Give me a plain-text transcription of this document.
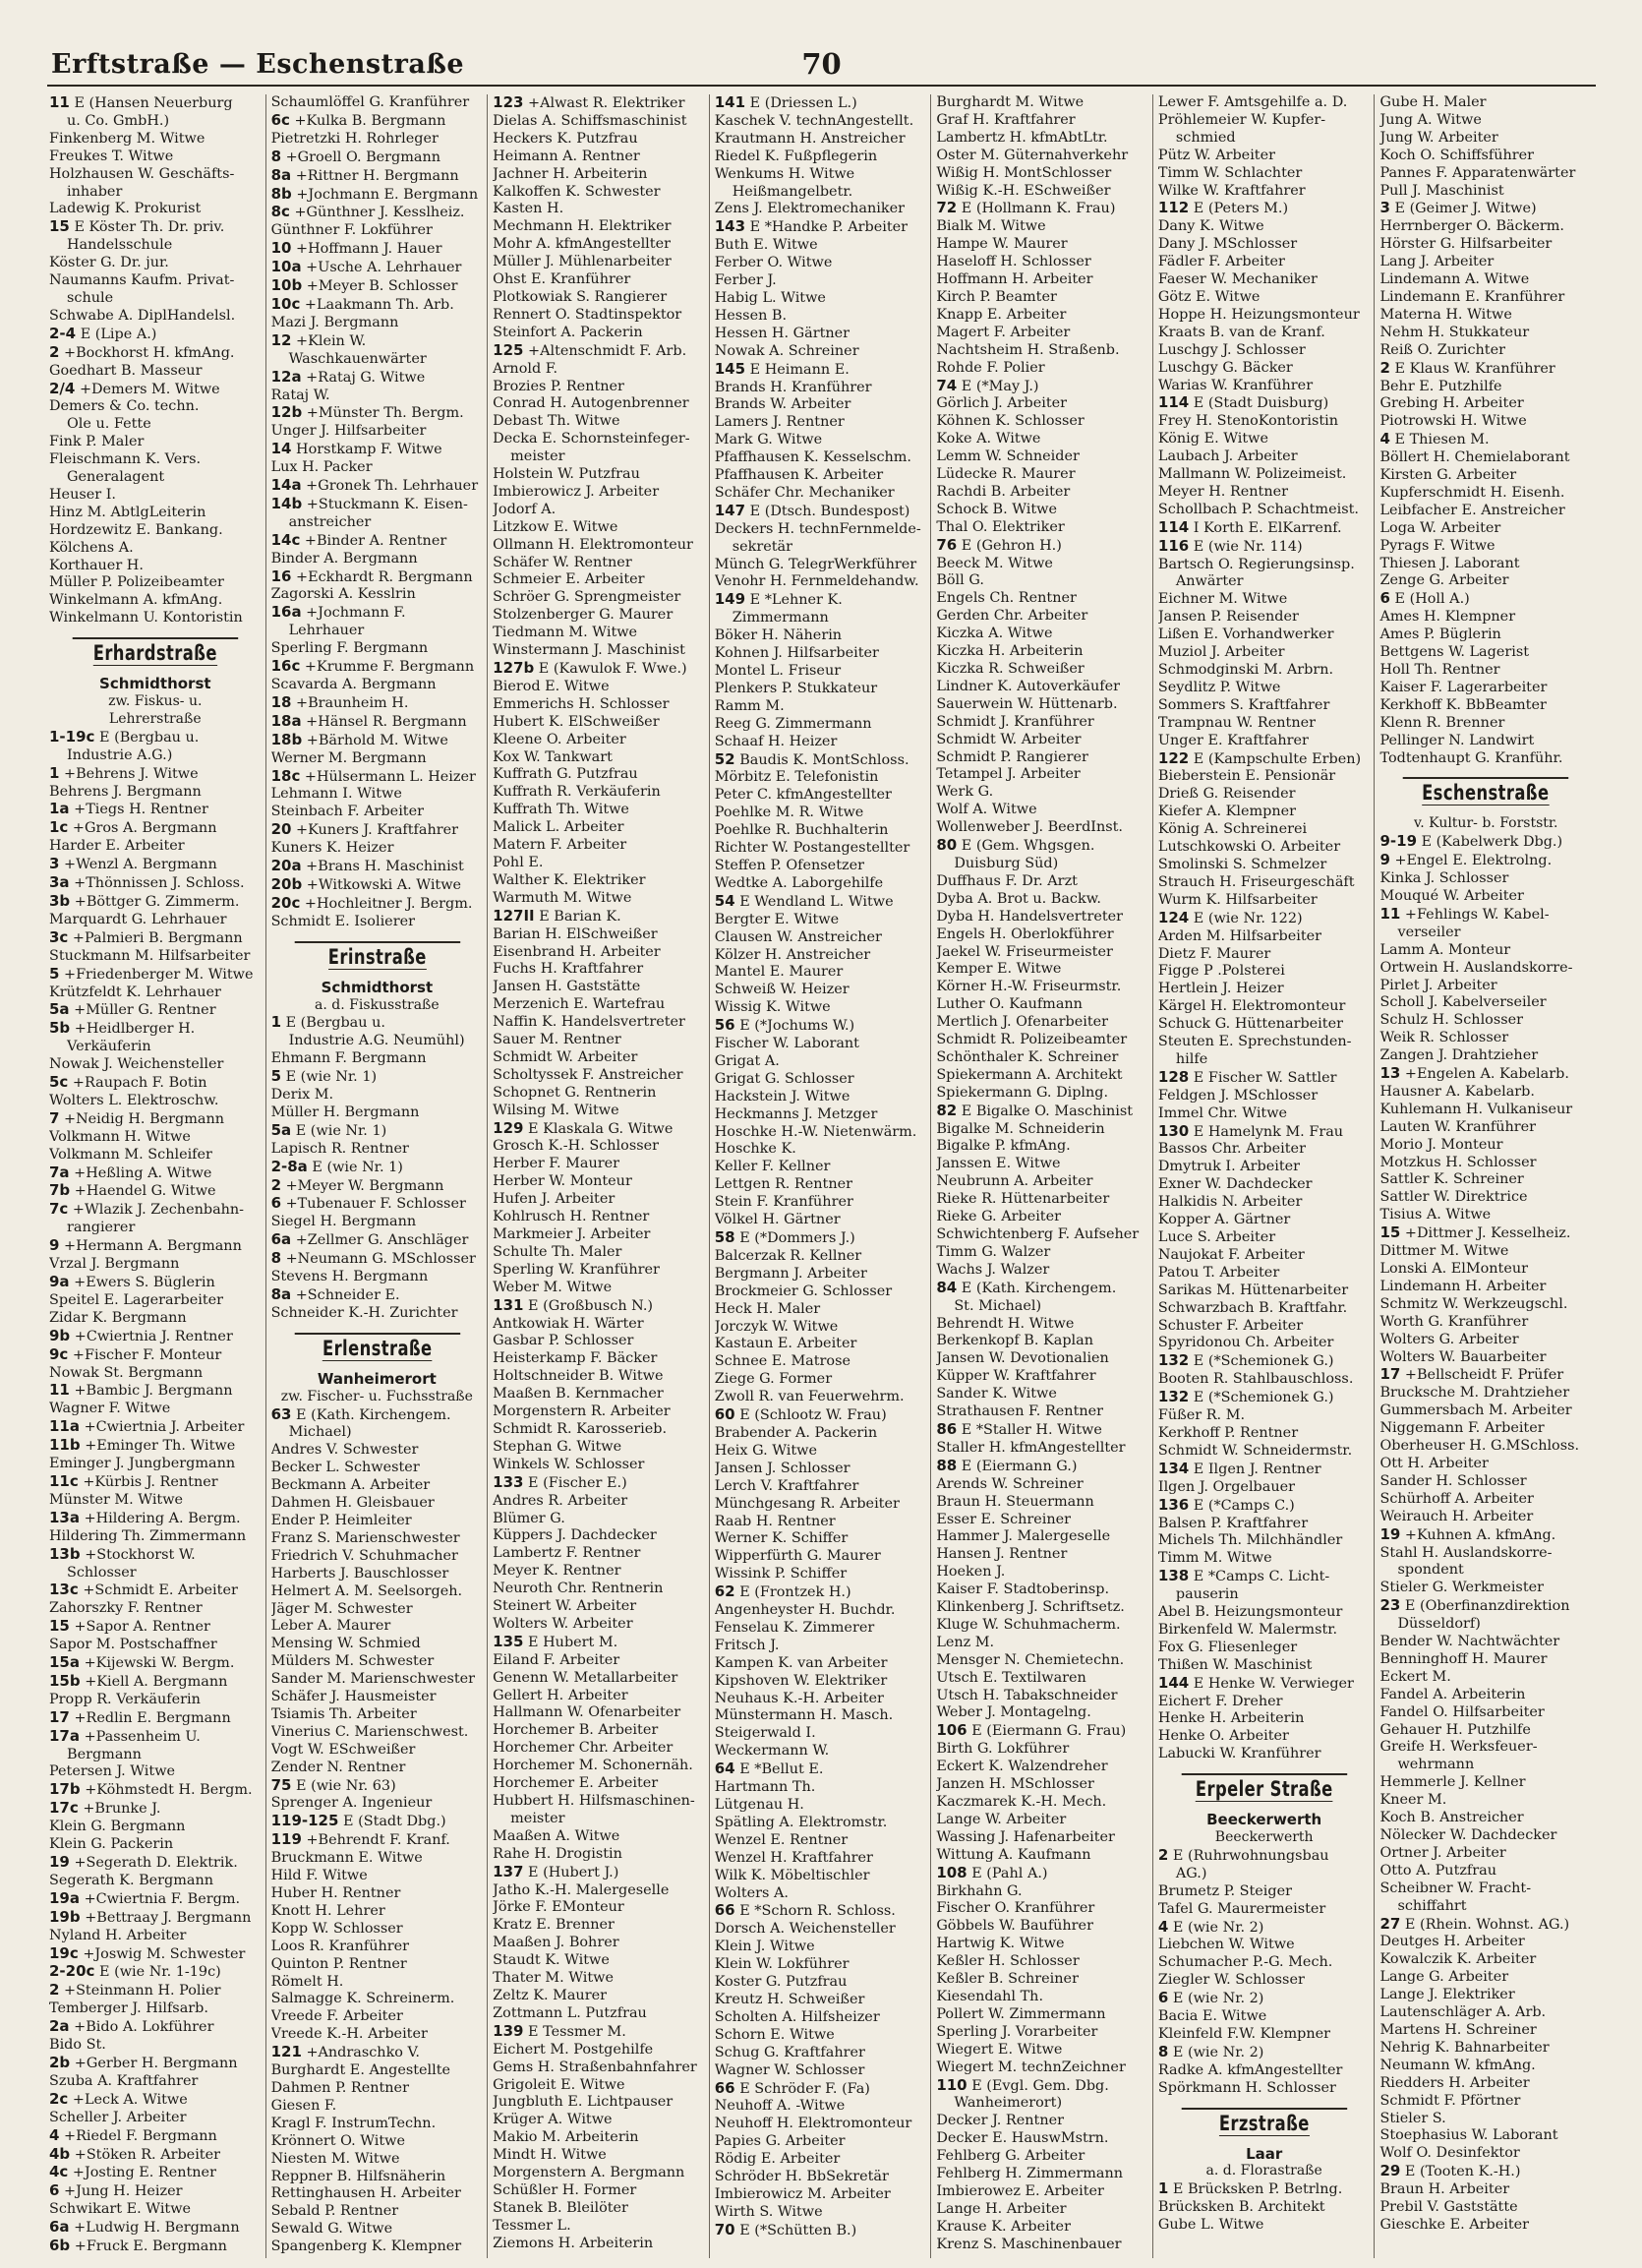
Erftstraße — Eschenstraße	70
11 E (Hansen Neuerburg
u. Co. GmbH.)
Finkenberg M. Witwe
Freukes T. Witwe
Holzhausen W. Geschäfts-
inhaber
Ladewig K. Prokurist
15 E Köster Th. Dr. priv.
Handelsschule
Köster G. Dr. jur.
Naumanns Kaufm. Privat-
schule
Schwabe A. DiplHandelsl.
2-4 E (Lipe A.)
2 +Bockhorst H. kfmAng.
Goedhart B. Masseur
2/4 +Demers M. Witwe
Demers & Co. techn.
Ole u. Fette
Fink P. Maler
Fleischmann K. Vers.
Generalagent
Heuser I.
Hinz M. AbtlgLeiterin
Hordzewitz E. Bankang.
Kölchens A.
Korthauer H.
Müller P. Polizeibeamter
Winkelmann A. kfmAng.
Winkelmann U. Kontoristin
Erhardstraße
Schmidthorst
zw. Fiskus- u.
Lehrerstraße
1-19c E (Bergbau u.
Industrie A.G.)
1 +Behrens J. Witwe
Behrens J. Bergmann
1a +Tiegs H. Rentner
1c +Gros A. Bergmann
Harder E. Arbeiter
3 +Wenzl A. Bergmann
3a +Thönnissen J. Schloss.
3b +Böttger G. Zimmerm.
Marquardt G. Lehrhauer
3c +Palmieri B. Bergmann
Stuckmann M. Hilfsarbeiter
5 +Friedenberger M. Witwe
Krützfeldt K. Lehrhauer
5a +Müller G. Rentner
5b +Heidlberger H.
Verkäuferin
Nowak J. Weichensteller
5c +Raupach F. Botin
Wolters L. Elektroschw.
7 +Neidig H. Bergmann
Volkmann H. Witwe
Volkmann M. Schleifer
7a +Heßling A. Witwe
7b +Haendel G. Witwe
7c +Wlazik J. Zechenbahn-
rangierer
9 +Hermann A. Bergmann
Vrzal J. Bergmann
9a +Ewers S. Büglerin
Speitel E. Lagerarbeiter
Zidar K. Bergmann
9b +Cwiertnia J. Rentner
9c +Fischer F. Monteur
Nowak St. Bergmann
11 +Bambic J. Bergmann
Wagner F. Witwe
11a +Cwiertnia J. Arbeiter
11b +Eminger Th. Witwe
Eminger J. Jungbergmann
11c +Kürbis J. Rentner
Münster M. Witwe
13a +Hildering A. Bergm.
Hildering Th. Zimmermann
13b +Stockhorst W.
Schlosser
13c +Schmidt E. Arbeiter
Zahorszky F. Rentner
15 +Sapor A. Rentner
Sapor M. Postschaffner
15a +Kijewski W. Bergm.
15b +Kiell A. Bergmann
Propp R. Verkäuferin
17 +Redlin E. Bergmann
17a +Passenheim U.
Bergmann
Petersen J. Witwe
17b +Köhmstedt H. Bergm.
17c +Brunke J.
Klein G. Bergmann
Klein G. Packerin
19 +Segerath D. Elektrik.
Segerath K. Bergmann
19a +Cwiertnia F. Bergm.
19b +Bettraay J. Bergmann
Nyland H. Arbeiter
19c +Joswig M. Schwester
2-20c E (wie Nr. 1-19c)
2 +Steinmann H. Polier
Temberger J. Hilfsarb.
2a +Bido A. Lokführer
Bido St.
2b +Gerber H. Bergmann
Szuba A. Kraftfahrer
2c +Leck A. Witwe
Scheller J. Arbeiter
4 +Riedel F. Bergmann
4b +Stöken R. Arbeiter
4c +Josting E. Rentner
6 +Jung H. Heizer
Schwikart E. Witwe
6a +Ludwig H. Bergmann
6b +Fruck E. Bergmann
Schaumlöffel G. Kranführer
6c +Kulka B. Bergmann
Pietretzki H. Rohrleger
8 +Groell O. Bergmann
8a +Rittner H. Bergmann
8b +Jochmann E. Bergmann
8c +Günthner J. Kesslheiz.
Günthner F. Lokführer
10 +Hoffmann J. Hauer
10a +Usche A. Lehrhauer
10b +Meyer B. Schlosser
10c +Laakmann Th. Arb.
Mazi J. Bergmann
12 +Klein W.
Waschkauenwärter
12a +Rataj G. Witwe
Rataj W.
12b +Münster Th. Bergm.
Unger J. Hilfsarbeiter
14 Horstkamp F. Witwe
Lux H. Packer
14a +Gronek Th. Lehrhauer
14b +Stuckmann K. Eisen-
anstreicher
14c +Binder A. Rentner
Binder A. Bergmann
16 +Eckhardt R. Bergmann
Zagorski A. Kesslrin
16a +Jochmann F.
Lehrhauer
Sperling F. Bergmann
16c +Krumme F. Bergmann
Scavarda A. Bergmann
18 +Braunheim H.
18a +Hänsel R. Bergmann
18b +Bärhold M. Witwe
Werner M. Bergmann
18c +Hülsermann L. Heizer
Lehmann I. Witwe
Steinbach F. Arbeiter
20 +Kuners J. Kraftfahrer
Kuners K. Heizer
20a +Brans H. Maschinist
20b +Witkowski A. Witwe
20c +Hochleitner J. Bergm.
Schmidt E. Isolierer
Erinstraße
Schmidthorst
a. d. Fiskusstraße
1 E (Bergbau u.
Industrie A.G. Neumühl)
Ehmann F. Bergmann
5 E (wie Nr. 1)
Derix M.
Müller H. Bergmann
5a E (wie Nr. 1)
Lapisch R. Rentner
2-8a E (wie Nr. 1)
2 +Meyer W. Bergmann
6 +Tubenauer F. Schlosser
Siegel H. Bergmann
6a +Zellmer G. Anschläger
8 +Neumann G. MSchlosser
Stevens H. Bergmann
8a +Schneider E.
Schneider K.-H. Zurichter
Erlenstraße
Wanheimerort
zw. Fischer- u. Fuchsstraße
63 E (Kath. Kirchengem.
Michael)
Andres V. Schwester
Becker L. Schwester
Beckmann A. Arbeiter
Dahmen H. Gleisbauer
Ender P. Heimleiter
Franz S. Marienschwester
Friedrich V. Schuhmacher
Harberts J. Bauschlosser
Helmert A. M. Seelsorgeh.
Jäger M. Schwester
Leber A. Maurer
Mensing W. Schmied
Mülders M. Schwester
Sander M. Marienschwester
Schäfer J. Hausmeister
Tsiamis Th. Arbeiter
Vinerius C. Marienschwest.
Vogt W. ESchweißer
Zender N. Rentner
75 E (wie Nr. 63)
Sprenger A. Ingenieur
119-125 E (Stadt Dbg.)
119 +Behrendt F. Kranf.
Bruckmann E. Witwe
Hild F. Witwe
Huber H. Rentner
Knott H. Lehrer
Kopp W. Schlosser
Loos R. Kranführer
Quinton P. Rentner
Römelt H.
Salmagge K. Schreinerm.
Vreede F. Arbeiter
Vreede K.-H. Arbeiter
121 +Andraschko V.
Burghardt E. Angestellte
Dahmen P. Rentner
Giesen F.
Kragl F. InstrumTechn.
Krönnert O. Witwe
Niesten M. Witwe
Reppner B. Hilfsnäherin
Rettinghausen H. Arbeiter
Sebald P. Rentner
Sewald G. Witwe
Spangenberg K. Klempner
123 +Alwast R. Elektriker
Dielas A. Schiffsmaschinist
Heckers K. Putzfrau
Heimann A. Rentner
Jachner H. Arbeiterin
Kalkoffen K. Schwester
Kasten H.
Mechmann H. Elektriker
Mohr A. kfmAngestellter
Müller J. Mühlenarbeiter
Ohst E. Kranführer
Plotkowiak S. Rangierer
Rennert O. Stadtinspektor
Steinfort A. Packerin
125 +Altenschmidt F. Arb.
Arnold F.
Brozies P. Rentner
Conrad H. Autogenbrenner
Debast Th. Witwe
Decka E. Schornsteinfeger-
meister
Holstein W. Putzfrau
Imbierowicz J. Arbeiter
Jodorf A.
Litzkow E. Witwe
Ollmann H. Elektromonteur
Schäfer W. Rentner
Schmeier E. Arbeiter
Schröer G. Sprengmeister
Stolzenberger G. Maurer
Tiedmann M. Witwe
Winstermann J. Maschinist
127b E (Kawulok F. Wwe.)
Bierod E. Witwe
Emmerichs H. Schlosser
Hubert K. ElSchweißer
Kleene O. Arbeiter
Kox W. Tankwart
Kuffrath G. Putzfrau
Kuffrath R. Verkäuferin
Kuffrath Th. Witwe
Malick L. Arbeiter
Matern F. Arbeiter
Pohl E.
Walther K. Elektriker
Warmuth M. Witwe
127II E Barian K.
Barian H. ElSchweißer
Eisenbrand H. Arbeiter
Fuchs H. Kraftfahrer
Jansen H. Gaststätte
Merzenich E. Wartefrau
Naffin K. Handelsvertreter
Sauer M. Rentner
Schmidt W. Arbeiter
Scholtyssek F. Anstreicher
Schopnet G. Rentnerin
Wilsing M. Witwe
129 E Klaskala G. Witwe
Grosch K.-H. Schlosser
Herber F. Maurer
Herber W. Monteur
Hufen J. Arbeiter
Kohlrusch H. Rentner
Markmeier J. Arbeiter
Schulte Th. Maler
Sperling W. Kranführer
Weber M. Witwe
131 E (Großbusch N.)
Antkowiak H. Wärter
Gasbar P. Schlosser
Heisterkamp F. Bäcker
Holtschneider B. Witwe
Maaßen B. Kernmacher
Morgenstern R. Arbeiter
Schmidt R. Karosserieb.
Stephan G. Witwe
Winkels W. Schlosser
133 E (Fischer E.)
Andres R. Arbeiter
Blümer G.
Küppers J. Dachdecker
Lambertz F. Rentner
Meyer K. Rentner
Neuroth Chr. Rentnerin
Steinert W. Arbeiter
Wolters W. Arbeiter
135 E Hubert M.
Eiland F. Arbeiter
Genenn W. Metallarbeiter
Gellert H. Arbeiter
Hallmann W. Ofenarbeiter
Horchemer B. Arbeiter
Horchemer Chr. Arbeiter
Horchemer M. Schonernäh.
Horchemer E. Arbeiter
Hubbert H. Hilfsmaschinen-
meister
Maaßen A. Witwe
Rahe H. Drogistin
137 E (Hubert J.)
Jatho K.-H. Malergeselle
Jörke F. EMonteur
Kratz E. Brenner
Maaßen J. Bohrer
Staudt K. Witwe
Thater M. Witwe
Zeltz K. Maurer
Zottmann L. Putzfrau
139 E Tessmer M.
Eichert M. Postgehilfe
Gems H. Straßenbahnfahrer
Grigoleit E. Witwe
Jungbluth E. Lichtpauser
Krüger A. Witwe
Makio M. Arbeiterin
Mindt H. Witwe
Morgenstern A. Bergmann
Schüßler H. Former
Stanek B. Bleilöter
Tessmer L.
Ziemons H. Arbeiterin
141 E (Driessen L.)
Kaschek V. technAngestellt.
Krautmann H. Anstreicher
Riedel K. Fußpflegerin
Wenkums H. Witwe
Heißmangelbetr.
Zens J. Elektromechaniker
143 E *Handke P. Arbeiter
Buth E. Witwe
Ferber O. Witwe
Ferber J.
Habig L. Witwe
Hessen B.
Hessen H. Gärtner
Nowak A. Schreiner
145 E Heimann E.
Brands H. Kranführer
Brands W. Arbeiter
Lamers J. Rentner
Mark G. Witwe
Pfaffhausen K. Kesselschm.
Pfaffhausen K. Arbeiter
Schäfer Chr. Mechaniker
147 E (Dtsch. Bundespost)
Deckers H. technFernmelde-
sekretär
Münch G. TelegrWerkführer
Venohr H. Fernmeldehandw.
149 E *Lehner K.
Zimmermann
Böker H. Näherin
Kohnen J. Hilfsarbeiter
Montel L. Friseur
Plenkers P. Stukkateur
Ramm M.
Reeg G. Zimmermann
Schaaf H. Heizer
52 Baudis K. MontSchloss.
Mörbitz E. Telefonistin
Peter C. kfmAngestellter
Poehlke M. R. Witwe
Poehlke R. Buchhalterin
Richter W. Postangestellter
Steffen P. Ofensetzer
Wedtke A. Laborgehilfe
54 E Wendland L. Witwe
Bergter E. Witwe
Clausen W. Anstreicher
Kölzer H. Anstreicher
Mantel E. Maurer
Schweiß W. Heizer
Wissig K. Witwe
56 E (*Jochums W.)
Fischer W. Laborant
Grigat A.
Grigat G. Schlosser
Hackstein J. Witwe
Heckmanns J. Metzger
Hoschke H.-W. Nietenwärm.
Hoschke K.
Keller F. Kellner
Lettgen R. Rentner
Stein F. Kranführer
Völkel H. Gärtner
58 E (*Dommers J.)
Balcerzak R. Kellner
Bergmann J. Arbeiter
Brockmeier G. Schlosser
Heck H. Maler
Jorczyk W. Witwe
Kastaun E. Arbeiter
Schnee E. Matrose
Ziege G. Former
Zwoll R. van Feuerwehrm.
60 E (Schlootz W. Frau)
Brabender A. Packerin
Heix G. Witwe
Jansen J. Schlosser
Lerch V. Kraftfahrer
Münchgesang R. Arbeiter
Raab H. Rentner
Werner K. Schiffer
Wipperfürth G. Maurer
Wissink P. Schiffer
62 E (Frontzek H.)
Angenheyster H. Buchdr.
Fenselau K. Zimmerer
Fritsch J.
Kampen K. van Arbeiter
Kipshoven W. Elektriker
Neuhaus K.-H. Arbeiter
Münstermann H. Masch.
Steigerwald I.
Weckermann W.
64 E *Bellut E.
Hartmann Th.
Lütgenau H.
Spätling A. Elektromstr.
Wenzel E. Rentner
Wenzel H. Kraftfahrer
Wilk K. Möbeltischler
Wolters A.
66 E *Schorn R. Schloss.
Dorsch A. Weichensteller
Klein J. Witwe
Klein W. Lokführer
Koster G. Putzfrau
Kreutz H. Schweißer
Scholten A. Hilfsheizer
Schorn E. Witwe
Schug G. Kraftfahrer
Wagner W. Schlosser
66 E Schröder F. (Fa)
Neuhoff A. -Witwe
Neuhoff H. Elektromonteur
Papies G. Arbeiter
Rödig E. Arbeiter
Schröder H. BbSekretär
Imbierowicz M. Arbeiter
Wirth S. Witwe
70 E (*Schütten B.)
Burghardt M. Witwe
Graf H. Kraftfahrer
Lambertz H. kfmAbtLtr.
Oster M. Güternahverkehr
Wißig H. MontSchlosser
Wißig K.-H. ESchweißer
72 E (Hollmann K. Frau)
Bialk M. Witwe
Hampe W. Maurer
Haseloff H. Schlosser
Hoffmann H. Arbeiter
Kirch P. Beamter
Knapp E. Arbeiter
Magert F. Arbeiter
Nachtsheim H. Straßenb.
Rohde F. Polier
74 E (*May J.)
Görlich J. Arbeiter
Köhnen K. Schlosser
Koke A. Witwe
Lemm W. Schneider
Lüdecke R. Maurer
Rachdi B. Arbeiter
Schock B. Witwe
Thal O. Elektriker
76 E (Gehron H.)
Beeck M. Witwe
Böll G.
Engels Ch. Rentner
Gerden Chr. Arbeiter
Kiczka A. Witwe
Kiczka H. Arbeiterin
Kiczka R. Schweißer
Lindner K. Autoverkäufer
Sauerwein W. Hüttenarb.
Schmidt J. Kranführer
Schmidt W. Arbeiter
Schmidt P. Rangierer
Tetampel J. Arbeiter
Werk G.
Wolf A. Witwe
Wollenweber J. BeerdInst.
80 E (Gem. Whgsgen.
Duisburg Süd)
Duffhaus F. Dr. Arzt
Dyba A. Brot u. Backw.
Dyba H. Handelsvertreter
Engels H. Oberlokführer
Jaekel W. Friseurmeister
Kemper E. Witwe
Körner H.-W. Friseurmstr.
Luther O. Kaufmann
Mertlich J. Ofenarbeiter
Schmidt R. Polizeibeamter
Schönthaler K. Schreiner
Spiekermann A. Architekt
Spiekermann G. Diplng.
82 E Bigalke O. Maschinist
Bigalke M. Schneiderin
Bigalke P. kfmAng.
Janssen E. Witwe
Neubrunn A. Arbeiter
Rieke R. Hüttenarbeiter
Rieke G. Arbeiter
Schwichtenberg F. Aufseher
Timm G. Walzer
Wachs J. Walzer
84 E (Kath. Kirchengem.
St. Michael)
Behrendt H. Witwe
Berkenkopf B. Kaplan
Jansen W. Devotionalien
Küpper W. Kraftfahrer
Sander K. Witwe
Strathausen F. Rentner
86 E *Staller H. Witwe
Staller H. kfmAngestellter
88 E (Eiermann G.)
Arends W. Schreiner
Braun H. Steuermann
Esser E. Schreiner
Hammer J. Malergeselle
Hansen J. Rentner
Hoeken J.
Kaiser F. Stadtoberinsp.
Klinkenberg J. Schriftsetz.
Kluge W. Schuhmacherm.
Lenz M.
Mensger N. Chemietechn.
Utsch E. Textilwaren
Utsch H. Tabakschneider
Weber J. Montagelng.
106 E (Eiermann G. Frau)
Birth G. Lokführer
Eckert K. Walzendreher
Janzen H. MSchlosser
Kaczmarek K.-H. Mech.
Lange W. Arbeiter
Wassing J. Hafenarbeiter
Wittung A. Kaufmann
108 E (Pahl A.)
Birkhahn G.
Fischer O. Kranführer
Göbbels W. Bauführer
Hartwig K. Witwe
Keßler H. Schlosser
Keßler B. Schreiner
Kiesendahl Th.
Pollert W. Zimmermann
Sperling J. Vorarbeiter
Wiegert E. Witwe
Wiegert M. technZeichner
110 E (Evgl. Gem. Dbg.
Wanheimerort)
Decker J. Rentner
Decker E. HauswMstrn.
Fehlberg G. Arbeiter
Fehlberg H. Zimmermann
Imbierowez E. Arbeiter
Lange H. Arbeiter
Krause K. Arbeiter
Krenz S. Maschinenbauer
Lewer F. Amtsgehilfe a. D.
Pröhlemeier W. Kupfer-
schmied
Pütz W. Arbeiter
Timm W. Schlachter
Wilke W. Kraftfahrer
112 E (Peters M.)
Dany K. Witwe
Dany J. MSchlosser
Fädler F. Arbeiter
Faeser W. Mechaniker
Götz E. Witwe
Hoppe H. Heizungsmonteur
Kraats B. van de Kranf.
Luschgy J. Schlosser
Luschgy G. Bäcker
Warias W. Kranführer
114 E (Stadt Duisburg)
Frey H. StenoKontoristin
König E. Witwe
Laubach J. Arbeiter
Mallmann W. Polizeimeist.
Meyer H. Rentner
Schollbach P. Schachtmeist.
114 I Korth E. ElKarrenf.
116 E (wie Nr. 114)
Bartsch O. Regierungsinsp.
Anwärter
Eichner M. Witwe
Jansen P. Reisender
Lißen E. Vorhandwerker
Muziol J. Arbeiter
Schmodginski M. Arbrn.
Seydlitz P. Witwe
Sommers S. Kraftfahrer
Trampnau W. Rentner
Unger E. Kraftfahrer
122 E (Kampschulte Erben)
Bieberstein E. Pensionär
Drieß G. Reisender
Kiefer A. Klempner
König A. Schreinerei
Lutschkowski O. Arbeiter
Smolinski S. Schmelzer
Strauch H. Friseurgeschäft
Wurm K. Hilfsarbeiter
124 E (wie Nr. 122)
Arden M. Hilfsarbeiter
Dietz F. Maurer
Figge P .Polsterei
Hertlein J. Heizer
Kärgel H. Elektromonteur
Schuck G. Hüttenarbeiter
Steuten E. Sprechstunden-
hilfe
128 E Fischer W. Sattler
Feldgen J. MSchlosser
Immel Chr. Witwe
130 E Hamelynk M. Frau
Bassos Chr. Arbeiter
Dmytruk I. Arbeiter
Exner W. Dachdecker
Halkidis N. Arbeiter
Kopper A. Gärtner
Luce S. Arbeiter
Naujokat F. Arbeiter
Patou T. Arbeiter
Sarikas M. Hüttenarbeiter
Schwarzbach B. Kraftfahr.
Schuster F. Arbeiter
Spyridonou Ch. Arbeiter
132 E (*Schemionek G.)
Booten R. Stahlbauschloss.
132 E (*Schemionek G.)
Füßer R. M.
Kerkhoff P. Rentner
Schmidt W. Schneidermstr.
134 E Ilgen J. Rentner
Ilgen J. Orgelbauer
136 E (*Camps C.)
Balsen P. Kraftfahrer
Michels Th. Milchhändler
Timm M. Witwe
138 E *Camps C. Licht-
pauserin
Abel B. Heizungsmonteur
Birkenfeld W. Malermstr.
Fox G. Fliesenleger
Thißen W. Maschinist
144 E Henke W. Verwieger
Eichert F. Dreher
Henke H. Arbeiterin
Henke O. Arbeiter
Labucki W. Kranführer
Erpeler Straße
Beeckerwerth
Beeckerwerth
2 E (Ruhrwohnungsbau
AG.)
Brumetz P. Steiger
Tafel G. Maurermeister
4 E (wie Nr. 2)
Liebchen W. Witwe
Schumacher P.-G. Mech.
Ziegler W. Schlosser
6 E (wie Nr. 2)
Bacia E. Witwe
Kleinfeld F.W. Klempner
8 E (wie Nr. 2)
Radke A. kfmAngestellter
Spörkmann H. Schlosser
Erzstraße
Laar
a. d. Florastraße
1 E Brücksken P. Betrlng.
Brücksken B. Architekt
Gube L. Witwe
Gube H. Maler
Jung A. Witwe
Jung W. Arbeiter
Koch O. Schiffsführer
Pannes F. Apparatenwärter
Pull J. Maschinist
3 E (Geimer J. Witwe)
Herrnberger O. Bäckerm.
Hörster G. Hilfsarbeiter
Lang J. Arbeiter
Lindemann A. Witwe
Lindemann E. Kranführer
Materna H. Witwe
Nehm H. Stukkateur
Reiß O. Zurichter
2 E Klaus W. Kranführer
Behr E. Putzhilfe
Grebing H. Arbeiter
Piotrowski H. Witwe
4 E Thiesen M.
Böllert H. Chemielaborant
Kirsten G. Arbeiter
Kupferschmidt H. Eisenh.
Leibfacher E. Anstreicher
Loga W. Arbeiter
Pyrags F. Witwe
Thiesen J. Laborant
Zenge G. Arbeiter
6 E (Holl A.)
Ames H. Klempner
Ames P. Büglerin
Bettgens W. Lagerist
Holl Th. Rentner
Kaiser F. Lagerarbeiter
Kerkhoff K. BbBeamter
Klenn R. Brenner
Pellinger N. Landwirt
Todtenhaupt G. Kranführ.
Eschenstraße
v. Kultur- b. Forststr.
9-19 E (Kabelwerk Dbg.)
9 +Engel E. Elektrolng.
Kinka J. Schlosser
Mouqué W. Arbeiter
11 +Fehlings W. Kabel-
verseiler
Lamm A. Monteur
Ortwein H. Auslandskorre-
Pirlet J. Arbeiter
Scholl J. Kabelverseiler
Schulz H. Schlosser
Weik R. Schlosser
Zangen J. Drahtzieher
13 +Engelen A. Kabelarb.
Hausner A. Kabelarb.
Kuhlemann H. Vulkaniseur
Lauten W. Kranführer
Morio J. Monteur
Motzkus H. Schlosser
Sattler K. Schreiner
Sattler W. Direktrice
Tisius A. Witwe
15 +Dittmer J. Kesselheiz.
Dittmer M. Witwe
Lonski A. ElMonteur
Lindemann H. Arbeiter
Schmitz W. Werkzeugschl.
Worth G. Kranführer
Wolters G. Arbeiter
Wolters W. Bauarbeiter
17 +Bellscheidt F. Prüfer
Brucksche M. Drahtzieher
Gummersbach M. Arbeiter
Niggemann F. Arbeiter
Oberheuser H. G.MSchloss.
Ott H. Arbeiter
Sander H. Schlosser
Schürhoff A. Arbeiter
Weirauch H. Arbeiter
19 +Kuhnen A. kfmAng.
Stahl H. Auslandskorre-
spondent
Stieler G. Werkmeister
23 E (Oberfinanzdirektion
Düsseldorf)
Bender W. Nachtwächter
Benninghoff H. Maurer
Eckert M.
Fandel A. Arbeiterin
Fandel O. Hilfsarbeiter
Gehauer H. Putzhilfe
Greife H. Werksfeuer-
wehrmann
Hemmerle J. Kellner
Kneer M.
Koch B. Anstreicher
Nölecker W. Dachdecker
Ortner J. Arbeiter
Otto A. Putzfrau
Scheibner W. Fracht-
schiffahrt
27 E (Rhein. Wohnst. AG.)
Deutges H. Arbeiter
Kowalczik K. Arbeiter
Lange G. Arbeiter
Lange J. Elektriker
Lautenschläger A. Arb.
Martens H. Schreiner
Nehrig K. Bahnarbeiter
Neumann W. kfmAng.
Riedders H. Arbeiter
Schmidt F. Pförtner
Stieler S.
Stoephasius W. Laborant
Wolf O. Desinfektor
29 E (Tooten K.-H.)
Braun H. Arbeiter
Prebil V. Gaststätte
Gieschke E. Arbeiter
